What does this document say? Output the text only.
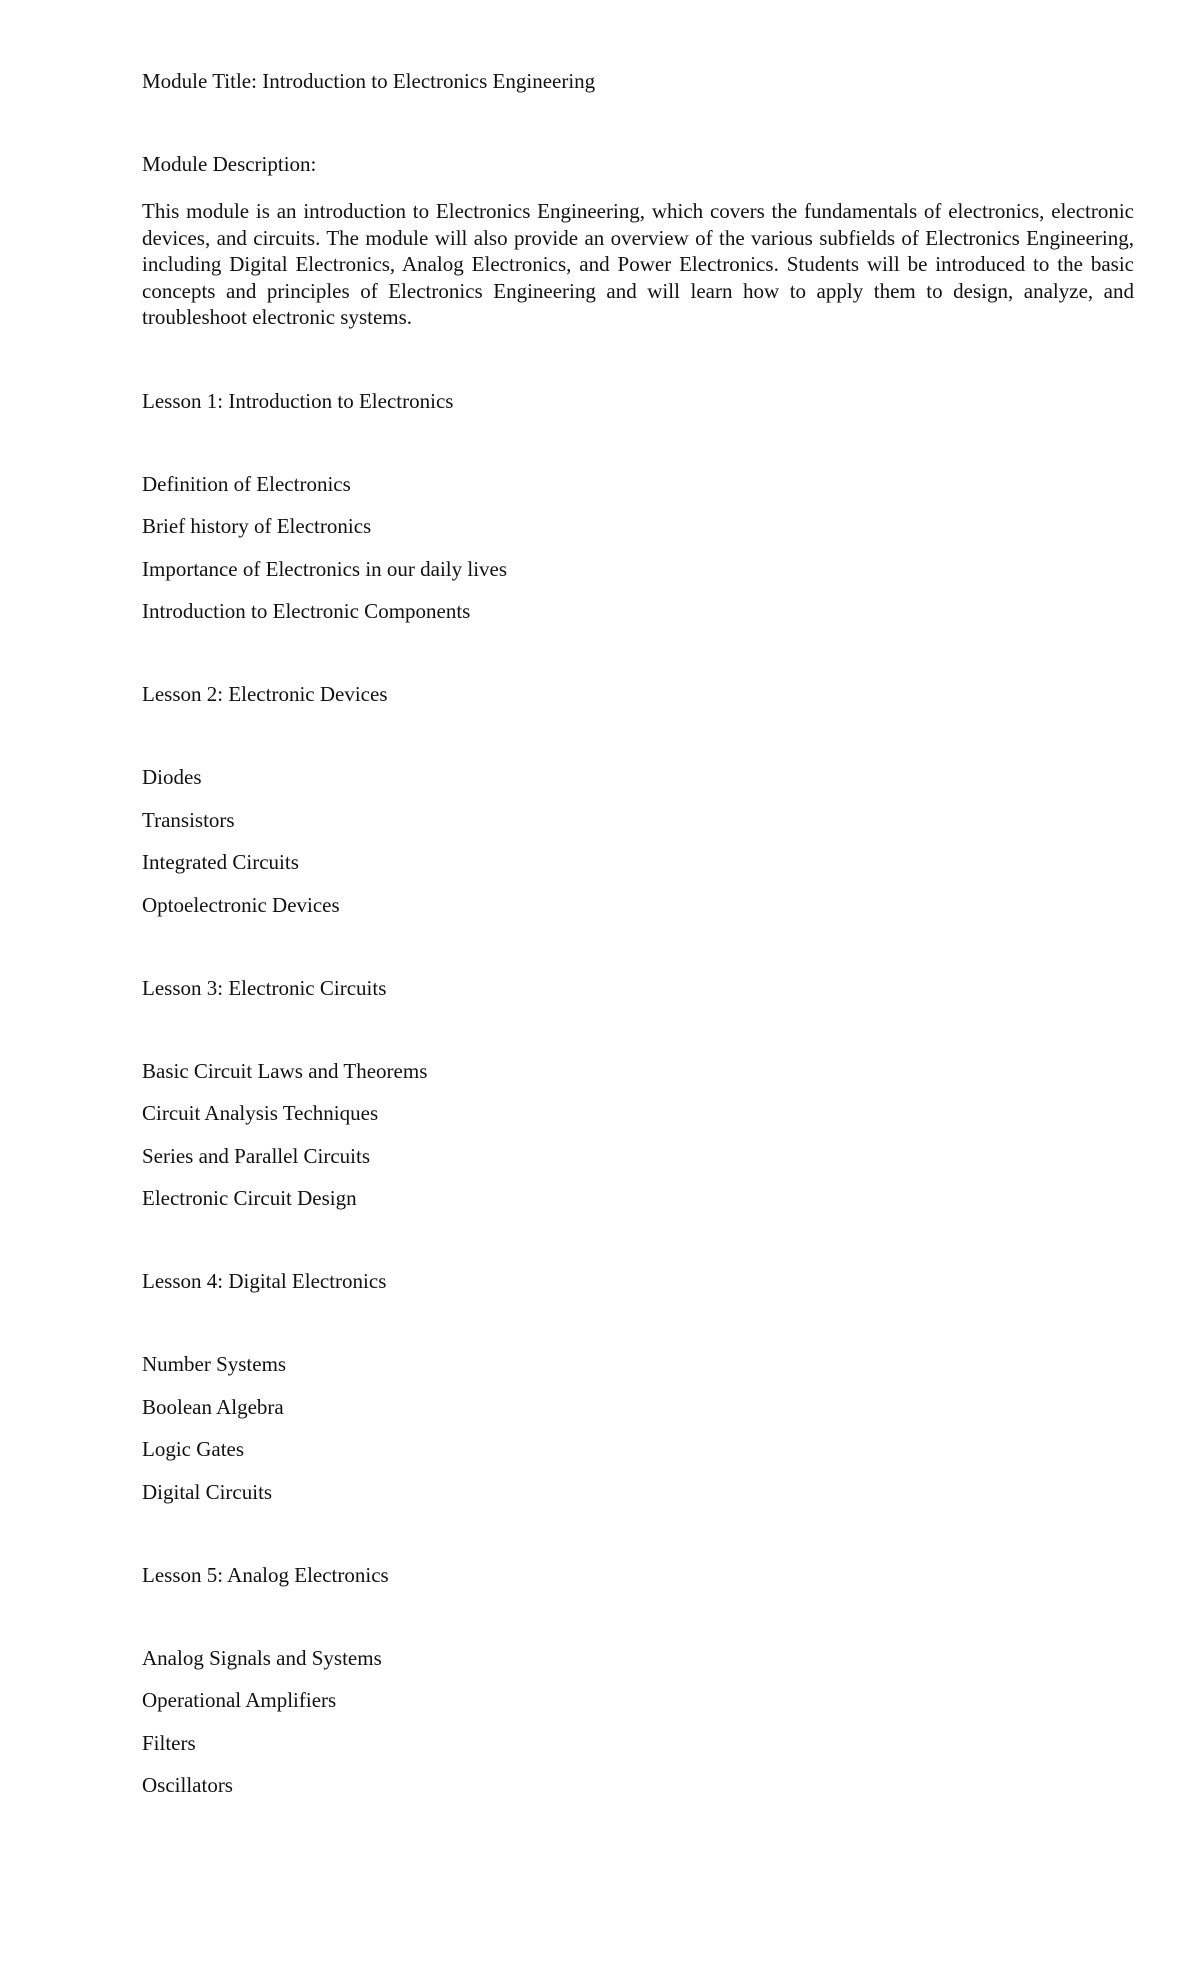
Module Title: Introduction to Electronics Engineering

Module Description:

This module is an introduction to Electronics Engineering, which covers the fundamentals of electronics, electronic devices, and circuits. The module will also provide an overview of the various subfields of Electronics Engineering, including Digital Electronics, Analog Electronics, and Power Electronics. Students will be introduced to the basic concepts and principles of Electronics Engineering and will learn how to apply them to design, analyze, and troubleshoot electronic systems.

Lesson 1: Introduction to Electronics

Definition of Electronics
Brief history of Electronics
Importance of Electronics in our daily lives
Introduction to Electronic Components

Lesson 2: Electronic Devices

Diodes
Transistors
Integrated Circuits
Optoelectronic Devices

Lesson 3: Electronic Circuits

Basic Circuit Laws and Theorems
Circuit Analysis Techniques
Series and Parallel Circuits
Electronic Circuit Design

Lesson 4: Digital Electronics

Number Systems
Boolean Algebra
Logic Gates
Digital Circuits

Lesson 5: Analog Electronics

Analog Signals and Systems
Operational Amplifiers
Filters
Oscillators
